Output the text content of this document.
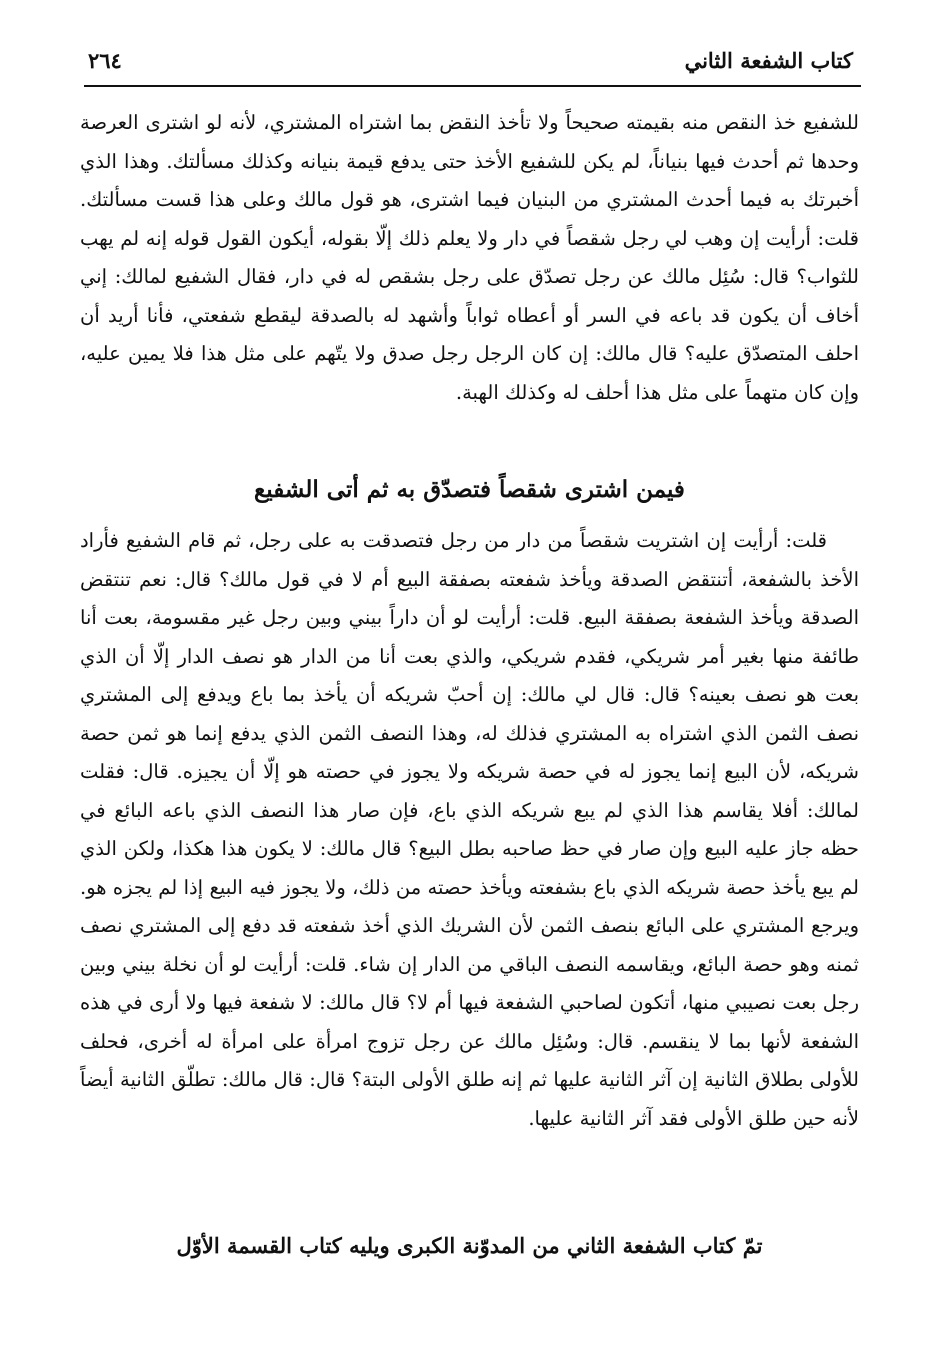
كتاب الشفعة الثاني
٢٦٤

للشفيع خذ النقص منه بقيمته صحيحاً ولا تأخذ النقض بما اشتراه المشتري، لأنه لو اشترى العرصة وحدها ثم أحدث فيها بنياناً، لم يكن للشفيع الأخذ حتى يدفع قيمة بنيانه وكذلك مسألتك. وهذا الذي أخبرتك به فيما أحدث المشتري من البنيان فيما اشترى، هو قول مالك وعلى هذا قست مسألتك. قلت: أرأيت إن وهب لي رجل شقصاً في دار ولا يعلم ذلك إلّا بقوله، أيكون القول قوله إنه لم يهب للثواب؟ قال: سُئِل مالك عن رجل تصدّق على رجل بشقص له في دار، فقال الشفيع لمالك: إني أخاف أن يكون قد باعه في السر أو أعطاه ثواباً وأشهد له بالصدقة ليقطع شفعتي، فأنا أريد أن احلف المتصدّق عليه؟ قال مالك: إن كان الرجل رجل صدق ولا يتّهم على مثل هذا فلا يمين عليه، وإن كان متهماً على مثل هذا أحلف له وكذلك الهبة.

فيمن اشترى شقصاً فتصدّق به ثم أتى الشفيع

قلت: أرأيت إن اشتريت شقصاً من دار من رجل فتصدقت به على رجل، ثم قام الشفيع فأراد الأخذ بالشفعة، أتنتقض الصدقة ويأخذ شفعته بصفقة البيع أم لا في قول مالك؟ قال: نعم تنتقض الصدقة ويأخذ الشفعة بصفقة البيع. قلت: أرأيت لو أن داراً بيني وبين رجل غير مقسومة، بعت أنا طائفة منها بغير أمر شريكي، فقدم شريكي، والذي بعت أنا من الدار هو نصف الدار إلّا أن الذي بعت هو نصف بعينه؟ قال: قال لي مالك: إن أحبّ شريكه أن يأخذ بما باع ويدفع إلى المشتري نصف الثمن الذي اشتراه به المشتري فذلك له، وهذا النصف الثمن الذي يدفع إنما هو ثمن حصة شريكه، لأن البيع إنما يجوز له في حصة شريكه ولا يجوز في حصته هو إلّا أن يجيزه. قال: فقلت لمالك: أفلا يقاسم هذا الذي لم يبع شريكه الذي باع، فإن صار هذا النصف الذي باعه البائع في حظه جاز عليه البيع وإن صار في حظ صاحبه بطل البيع؟ قال مالك: لا يكون هذا هكذا، ولكن الذي لم يبع يأخذ حصة شريكه الذي باع بشفعته ويأخذ حصته من ذلك، ولا يجوز فيه البيع إذا لم يجزه هو. ويرجع المشتري على البائع بنصف الثمن لأن الشريك الذي أخذ شفعته قد دفع إلى المشتري نصف ثمنه وهو حصة البائع، ويقاسمه النصف الباقي من الدار إن شاء. قلت: أرأيت لو أن نخلة بيني وبين رجل بعت نصيبي منها، أتكون لصاحبي الشفعة فيها أم لا؟ قال مالك: لا شفعة فيها ولا أرى في هذه الشفعة لأنها بما لا ينقسم. قال: وسُئِل مالك عن رجل تزوج امرأة على امرأة له أخرى، فحلف للأولى بطلاق الثانية إن آثر الثانية عليها ثم إنه طلق الأولى البتة؟ قال: قال مالك: تطلّق الثانية أيضاً لأنه حين طلق الأولى فقد آثر الثانية عليها.

تمّ كتاب الشفعة الثاني من المدوّنة الكبرى ويليه كتاب القسمة الأوّل
